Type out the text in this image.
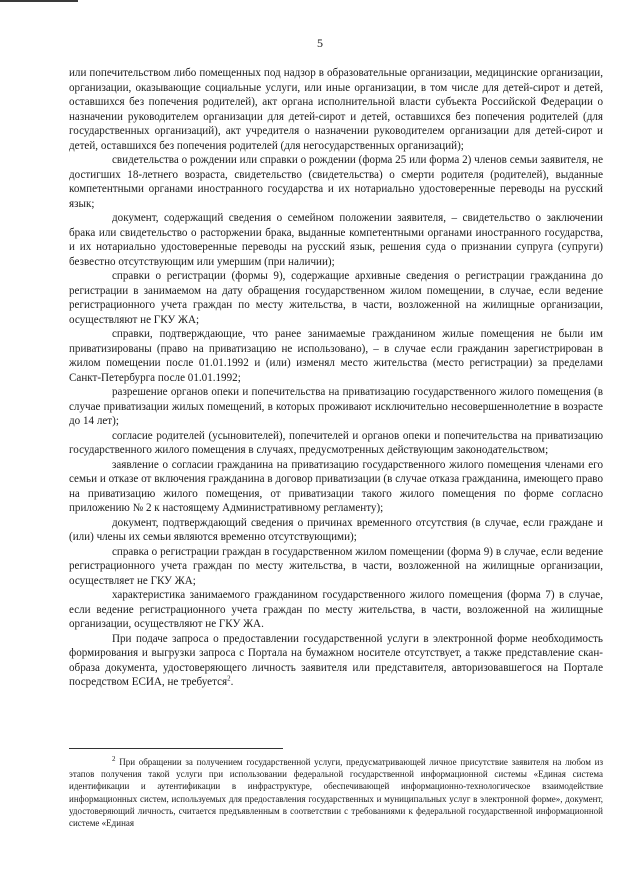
5

или попечительством либо помещенных под надзор в образовательные организации, медицинские организации, организации, оказывающие социальные услуги, или иные организации, в том числе для детей-сирот и детей, оставшихся без попечения родителей), акт органа исполнительной власти субъекта Российской Федерации о назначении руководителем организации для детей-сирот и детей, оставшихся без попечения родителей (для государственных организаций), акт учредителя о назначении руководителем организации для детей-сирот и детей, оставшихся без попечения родителей (для негосударственных организаций);

свидетельства о рождении или справки о рождении (форма 25 или форма 2) членов семьи заявителя, не достигших 18-летнего возраста, свидетельство (свидетельства) о смерти родителя (родителей), выданные компетентными органами иностранного государства и их нотариально удостоверенные переводы на русский язык;

документ, содержащий сведения о семейном положении заявителя, – свидетельство о заключении брака или свидетельство о расторжении брака, выданные компетентными органами иностранного государства, и их нотариально удостоверенные переводы на русский язык, решения суда о признании супруга (супруги) безвестно отсутствующим или умершим (при наличии);

справки о регистрации (формы 9), содержащие архивные сведения о регистрации гражданина до регистрации в занимаемом на дату обращения государственном жилом помещении, в случае, если ведение регистрационного учета граждан по месту жительства, в части, возложенной на жилищные организации, осуществляют не ГКУ ЖА;

справки, подтверждающие, что ранее занимаемые гражданином жилые помещения не были им приватизированы (право на приватизацию не использовано), – в случае если гражданин зарегистрирован в жилом помещении после 01.01.1992 и (или) изменял место жительства (место регистрации) за пределами Санкт-Петербурга после 01.01.1992;

разрешение органов опеки и попечительства на приватизацию государственного жилого помещения (в случае приватизации жилых помещений, в которых проживают исключительно несовершеннолетние в возрасте до 14 лет);

согласие родителей (усыновителей), попечителей и органов опеки и попечительства на приватизацию государственного жилого помещения в случаях, предусмотренных действующим законодательством;

заявление о согласии гражданина на приватизацию государственного жилого помещения членами его семьи и отказе от включения гражданина в договор приватизации (в случае отказа гражданина, имеющего право на приватизацию жилого помещения, от приватизации такого жилого помещения по форме согласно приложению № 2 к настоящему Административному регламенту);

документ, подтверждающий сведения о причинах временного отсутствия (в случае, если граждане и (или) члены их семьи являются временно отсутствующими);

справка о регистрации граждан в государственном жилом помещении (форма 9) в случае, если ведение регистрационного учета граждан по месту жительства, в части, возложенной на жилищные организации, осуществляет не ГКУ ЖА;

характеристика занимаемого гражданином государственного жилого помещения (форма 7) в случае, если ведение регистрационного учета граждан по месту жительства, в части, возложенной на жилищные организации, осуществляют не ГКУ ЖА.

При подаче запроса о предоставлении государственной услуги в электронной форме необходимость формирования и выгрузки запроса с Портала на бумажном носителе отсутствует, а также представление скан-образа документа, удостоверяющего личность заявителя или представителя, авторизовавшегося на Портале посредством ЕСИА, не требуется$^2$.

$^2$ При обращении за получением государственной услуги, предусматривающей личное присутствие заявителя на любом из этапов получения такой услуги при использовании федеральной государственной информационной системы «Единая система идентификации и аутентификации в инфраструктуре, обеспечивающей информационно-технологическое взаимодействие информационных систем, используемых для предоставления государственных и муниципальных услуг в электронной форме», документ, удостоверяющий личность, считается предъявленным в соответствии с требованиями к федеральной государственной информационной системе «Единая
